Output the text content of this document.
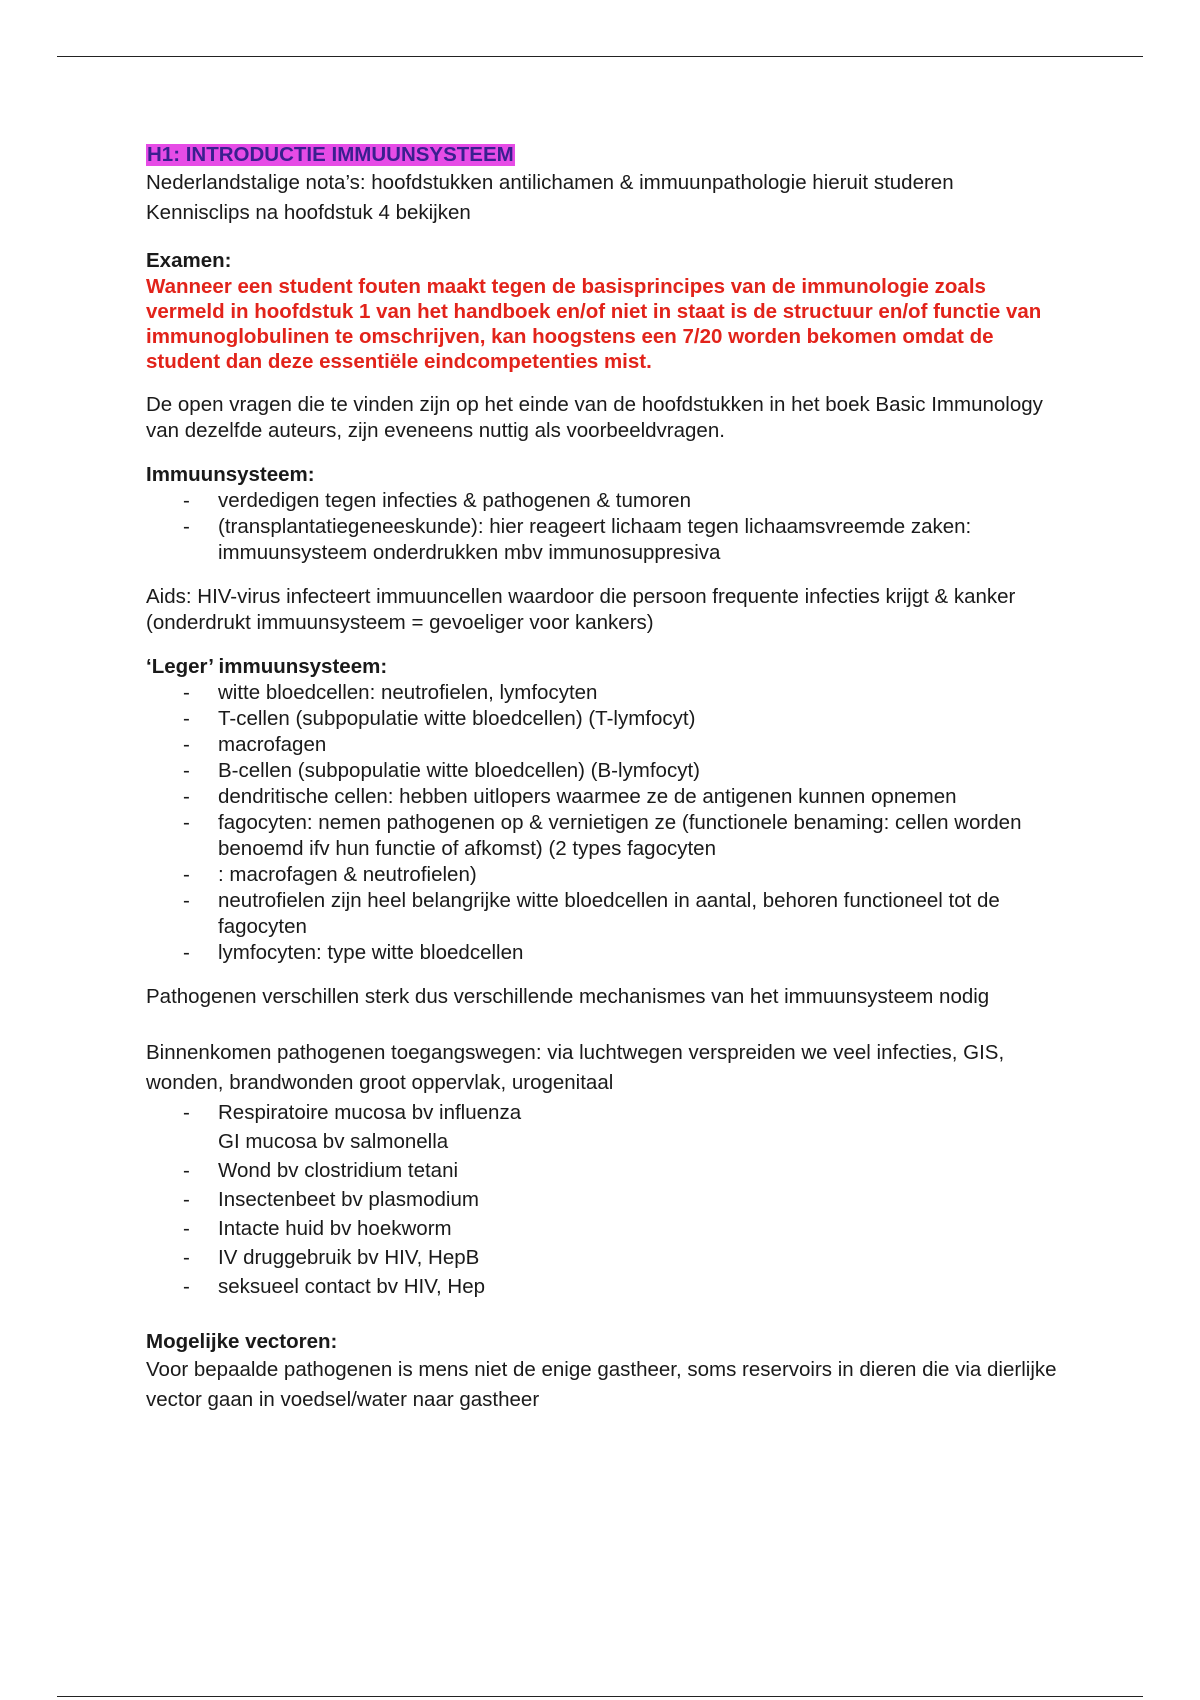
H1: INTRODUCTIE IMMUUNSYSTEEM

Nederlandstalige nota’s: hoofdstukken antilichamen & immuunpathologie hieruit studeren

Kennisclips na hoofdstuk 4 bekijken

Examen:

Wanneer een student fouten maakt tegen de basisprincipes van de immunologie zoals vermeld in hoofdstuk 1 van het handboek en/of niet in staat is de structuur en/of functie van immunoglobulinen te omschrijven, kan hoogstens een 7/20 worden bekomen omdat de student dan deze essentiële eindcompetenties mist.

De open vragen die te vinden zijn op het einde van de hoofdstukken in het boek Basic Immunology van dezelfde auteurs, zijn eveneens nuttig als voorbeeldvragen.

Immuunsysteem:

- verdedigen tegen infecties & pathogenen & tumoren
- (transplantatiegeneeskunde): hier reageert lichaam tegen lichaamsvreemde zaken: immuunsysteem onderdrukken mbv immunosuppresiva

Aids: HIV-virus infecteert immuuncellen waardoor die persoon frequente infecties krijgt & kanker (onderdrukt immuunsysteem = gevoeliger voor kankers)

‘Leger’ immuunsysteem:

- witte bloedcellen: neutrofielen, lymfocyten
- T-cellen (subpopulatie witte bloedcellen) (T-lymfocyt)
- macrofagen
- B-cellen (subpopulatie witte bloedcellen) (B-lymfocyt)
- dendritische cellen: hebben uitlopers waarmee ze de antigenen kunnen opnemen
- fagocyten: nemen pathogenen op & vernietigen ze (functionele benaming: cellen worden benoemd ifv hun functie of afkomst) (2 types fagocyten
- : macrofagen & neutrofielen)
- neutrofielen zijn heel belangrijke witte bloedcellen in aantal, behoren functioneel tot de fagocyten
- lymfocyten: type witte bloedcellen

Pathogenen verschillen sterk dus verschillende mechanismes van het immuunsysteem nodig

Binnenkomen pathogenen toegangswegen: via luchtwegen verspreiden we veel infecties, GIS, wonden, brandwonden groot oppervlak, urogenitaal

- Respiratoire mucosa bv influenza
GI mucosa bv salmonella
- Wond bv clostridium tetani
- Insectenbeet bv plasmodium
- Intacte huid bv hoekworm
- IV druggebruik bv HIV, HepB
- seksueel contact bv HIV, Hep

Mogelijke vectoren:

Voor bepaalde pathogenen is mens niet de enige gastheer, soms reservoirs in dieren die via dierlijke vector gaan in voedsel/water naar gastheer
